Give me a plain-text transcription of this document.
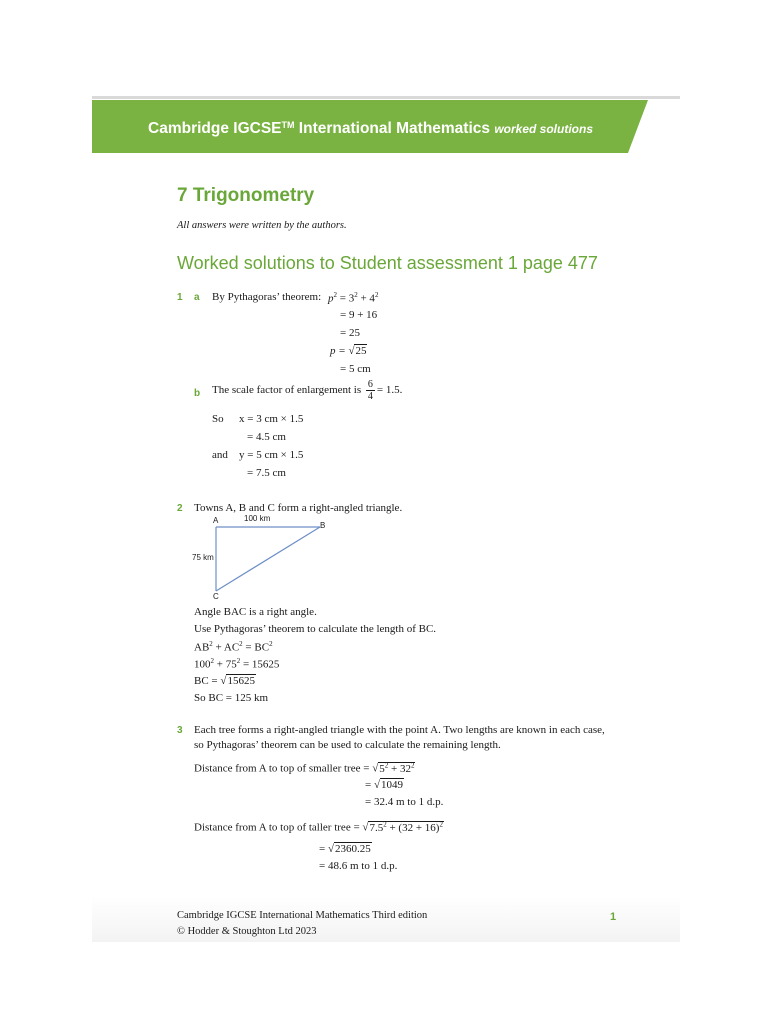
Cambridge IGCSE™ International Mathematics worked solutions
7 Trigonometry
All answers were written by the authors.
Worked solutions to Student assessment 1 page 477
1 a By Pythagoras’ theorem: $p^2 = 3^2 + 4^2$
= 9 + 16
= 25
p = √25
= 5 cm
b The scale factor of enlargement is $\frac{6}{4} = 1.5$.
So x = 3 cm × 1.5
= 4.5 cm
and y = 5 cm × 1.5
= 7.5 cm
2 Towns A, B and C form a right-angled triangle.
A	100 km
B
75 km
C
Angle BAC is a right angle.
Use Pythagoras’ theorem to calculate the length of BC.
$AB^2 + AC^2 = BC^2$
$100^2 + 75^2 = 15625$
BC = √15625
So BC = 125 km
3 Each tree forms a right-angled triangle with the point A. Two lengths are known in each case,
so Pythagoras’ theorem can be used to calculate the remaining length.
Distance from A to top of smaller tree = $√5^2 + 32^2$
= √1049
= 32.4 m to 1 d.p.
Distance from A to top of taller tree = $√7.5^2 + (32 + 16)^2$
= √2360.25
= 48.6 m to 1 d.p.
Cambridge IGCSE International Mathematics Third edition
© Hodder & Stoughton Ltd 2023
1
